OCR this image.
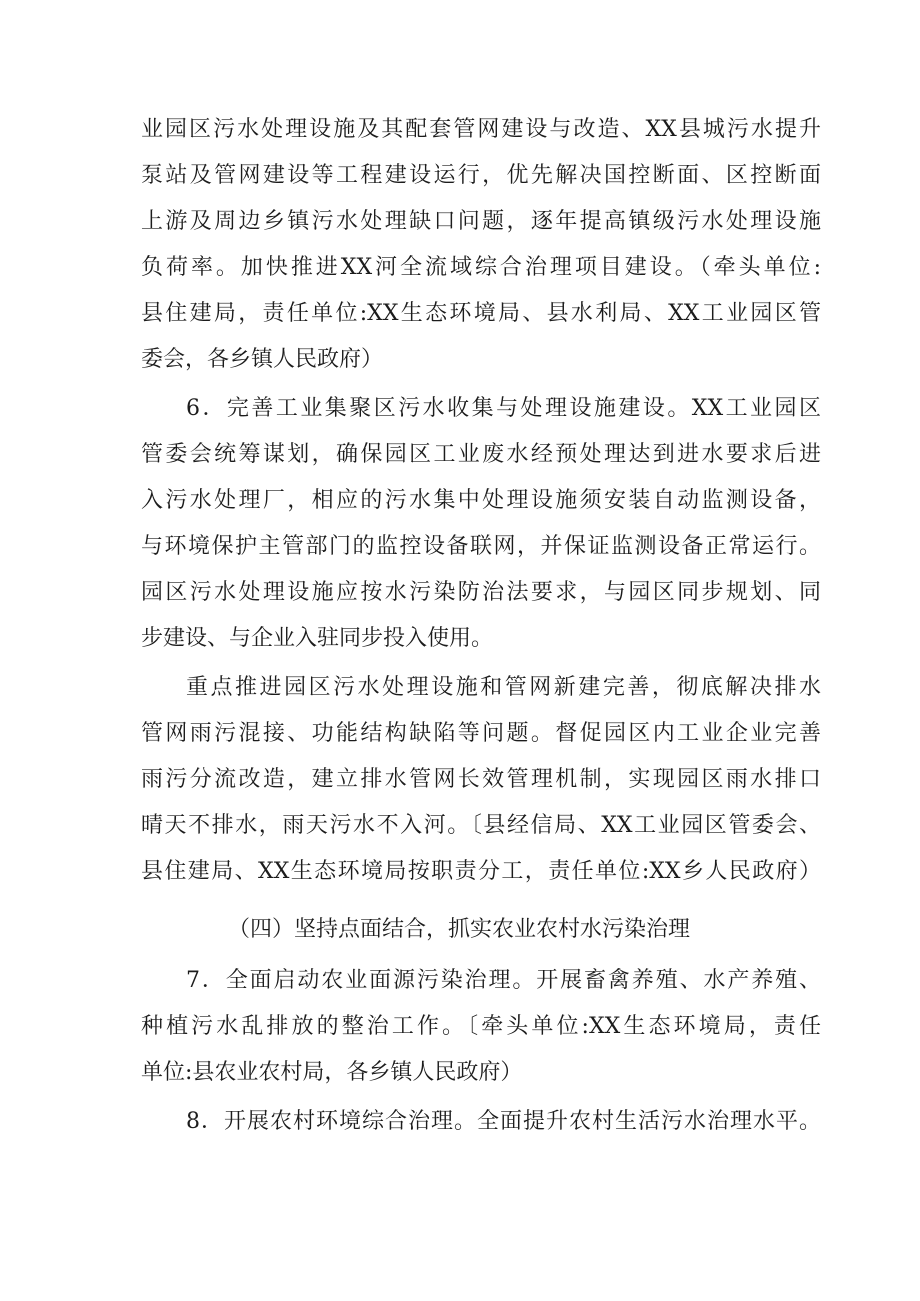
业园区污水处理设施及其配套管网建设与改造、XX县城污水提升
泵站及管网建设等工程建设运行，优先解决国控断面、区控断面
上游及周边乡镇污水处理缺口问题，逐年提高镇级污水处理设施
负荷率。加快推进XX河全流域综合治理项目建设。（牵头单位:
县住建局，责任单位:XX生态环境局、县水利局、XX工业园区管
委会，各乡镇人民政府）
6．完善工业集聚区污水收集与处理设施建设。XX工业园区
管委会统筹谋划，确保园区工业废水经预处理达到进水要求后进
入污水处理厂，相应的污水集中处理设施须安装自动监测设备，
与环境保护主管部门的监控设备联网，并保证监测设备正常运行。
园区污水处理设施应按水污染防治法要求，与园区同步规划、同
步建设、与企业入驻同步投入使用。
重点推进园区污水处理设施和管网新建完善，彻底解决排水
管网雨污混接、功能结构缺陷等问题。督促园区内工业企业完善
雨污分流改造，建立排水管网长效管理机制，实现园区雨水排口
晴天不排水，雨天污水不入河。〔县经信局、XX工业园区管委会、
县住建局、XX生态环境局按职责分工，责任单位:XX乡人民政府）
（四）坚持点面结合，抓实农业农村水污染治理
7．全面启动农业面源污染治理。开展畜禽养殖、水产养殖、
种植污水乱排放的整治工作。〔牵头单位:XX生态环境局，责任
单位:县农业农村局，各乡镇人民政府）
8．开展农村环境综合治理。全面提升农村生活污水治理水平。
